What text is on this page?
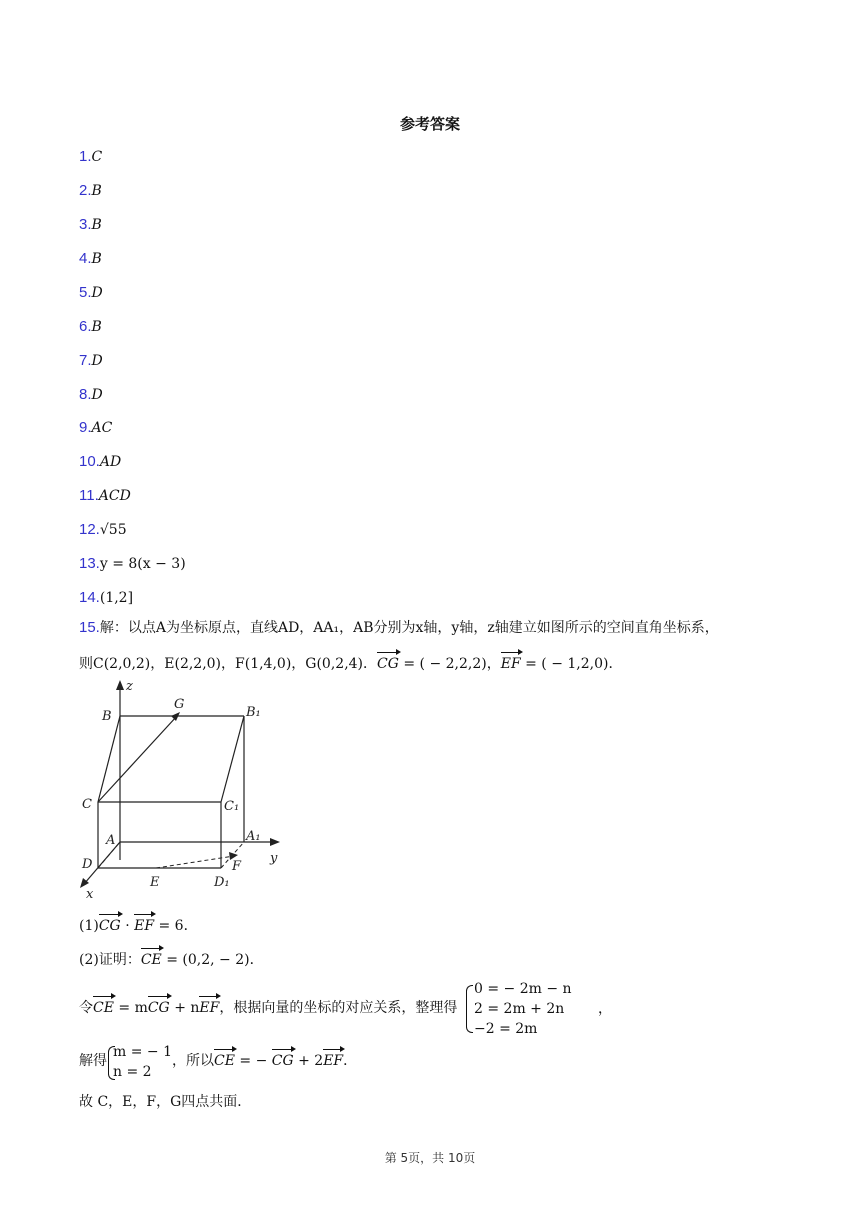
参考答案
1.C
2.B
3.B
4.B
5.D
6.B
7.D
8.D
9.AC
10.AD
11.ACD
12.√55
13.y = 8(x − 3)
14.(1,2]
15.解：以点A为坐标原点，直线AD，AA₁，AB分别为x轴，y轴，z轴建立如图所示的空间直角坐标系，
则C(2,0,2)，E(2,2,0)，F(1,4,0)，G(0,2,4)．CG = ( − 2,2,2)，EF = ( − 1,2,0)．
z
y
x
B
G
B₁
C	C₁
A	A₁
D
E	D₁
F
(1)CG · EF = 6．
(2)证明：CE = (0,2, − 2)．
令CE = mCG + nEF，根据向量的坐标的对应关系，整理得
0 = − 2m − n
2 = 2m + 2n
−2 = 2m
，
解得
m = − 1
n = 2
，所以CE = − CG + 2EF．
故 C，E，F，G四点共面．
第 5页，共 10页
